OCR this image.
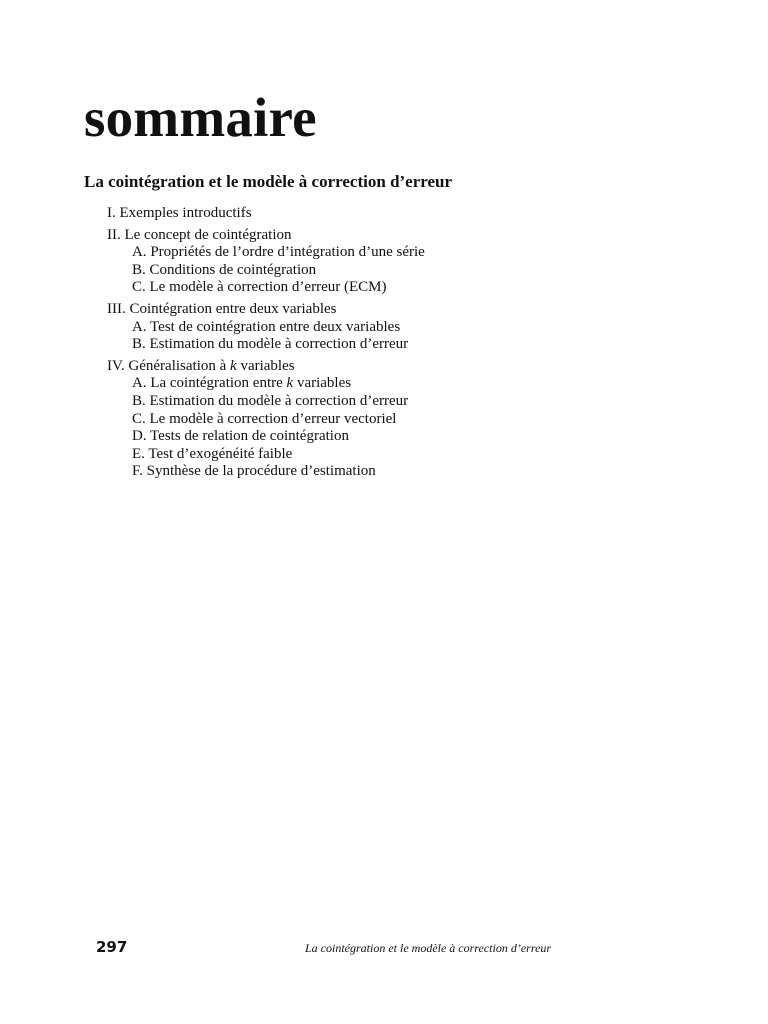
sommaire
La cointégration et le modèle à correction d’erreur
I. Exemples introductifs
II. Le concept de cointégration
A. Propriétés de l’ordre d’intégration d’une série
B. Conditions de cointégration
C. Le modèle à correction d’erreur (ECM)
III. Cointégration entre deux variables
A. Test de cointégration entre deux variables
B. Estimation du modèle à correction d’erreur
IV. Généralisation à k variables
A. La cointégration entre k variables
B. Estimation du modèle à correction d’erreur
C. Le modèle à correction d’erreur vectoriel
D. Tests de relation de cointégration
E. Test d’exogénéité faible
F. Synthèse de la procédure d’estimation
297	La cointégration et le modèle à correction d’erreur
